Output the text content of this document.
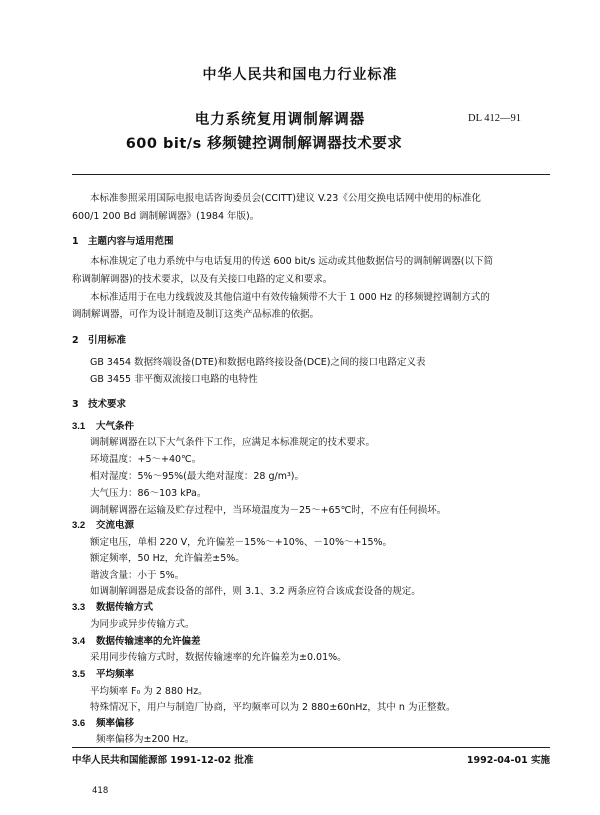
中华人民共和国电力行业标准
电力系统复用调制解调器
600 bit/s 移频键控调制解调器技术要求
DL 412—91
本标准参照采用国际电报电话咨询委员会(CCITT)建议 V.23《公用交换电话网中使用的标准化
600/1 200 Bd 调制解调器》(1984 年版)。
1 主题内容与适用范围
本标准规定了电力系统中与电话复用的传送 600 bit/s 远动或其他数据信号的调制解调器(以下简
称调制解调器)的技术要求，以及有关接口电路的定义和要求。
本标准适用于在电力线载波及其他信道中有效传输频带不大于 1 000 Hz 的移频键控调制方式的
调制解调器，可作为设计制造及制订这类产品标准的依据。
2 引用标准
GB 3454 数据终端设备(DTE)和数据电路终接设备(DCE)之间的接口电路定义表
GB 3455 非平衡双流接口电路的电特性
3 技术要求
3.1 大气条件
调制解调器在以下大气条件下工作，应满足本标准规定的技术要求。
环境温度：+5～+40℃。
相对湿度：5%～95%(最大绝对湿度：28 g/m³)。
大气压力：86～103 kPa。
调制解调器在运输及贮存过程中，当环境温度为－25～+65℃时，不应有任何损坏。
3.2 交流电源
额定电压，单相 220 V，允许偏差－15%～+10%、－10%～+15%。
额定频率，50 Hz，允许偏差±5%。
谐波含量：小于 5%。
如调制解调器是成套设备的部件，则 3.1、3.2 两条应符合该成套设备的规定。
3.3 数据传输方式
为同步或异步传输方式。
3.4 数据传输速率的允许偏差
采用同步传输方式时，数据传输速率的允许偏差为±0.01%。
3.5 平均频率
平均频率 F₀ 为 2 880 Hz。
特殊情况下，用户与制造厂协商，平均频率可以为 2 880±60nHz，其中 n 为正整数。
3.6 频率偏移
频率偏移为±200 Hz。
中华人民共和国能源部 1991-12-02 批准	1992-04-01 实施
418
